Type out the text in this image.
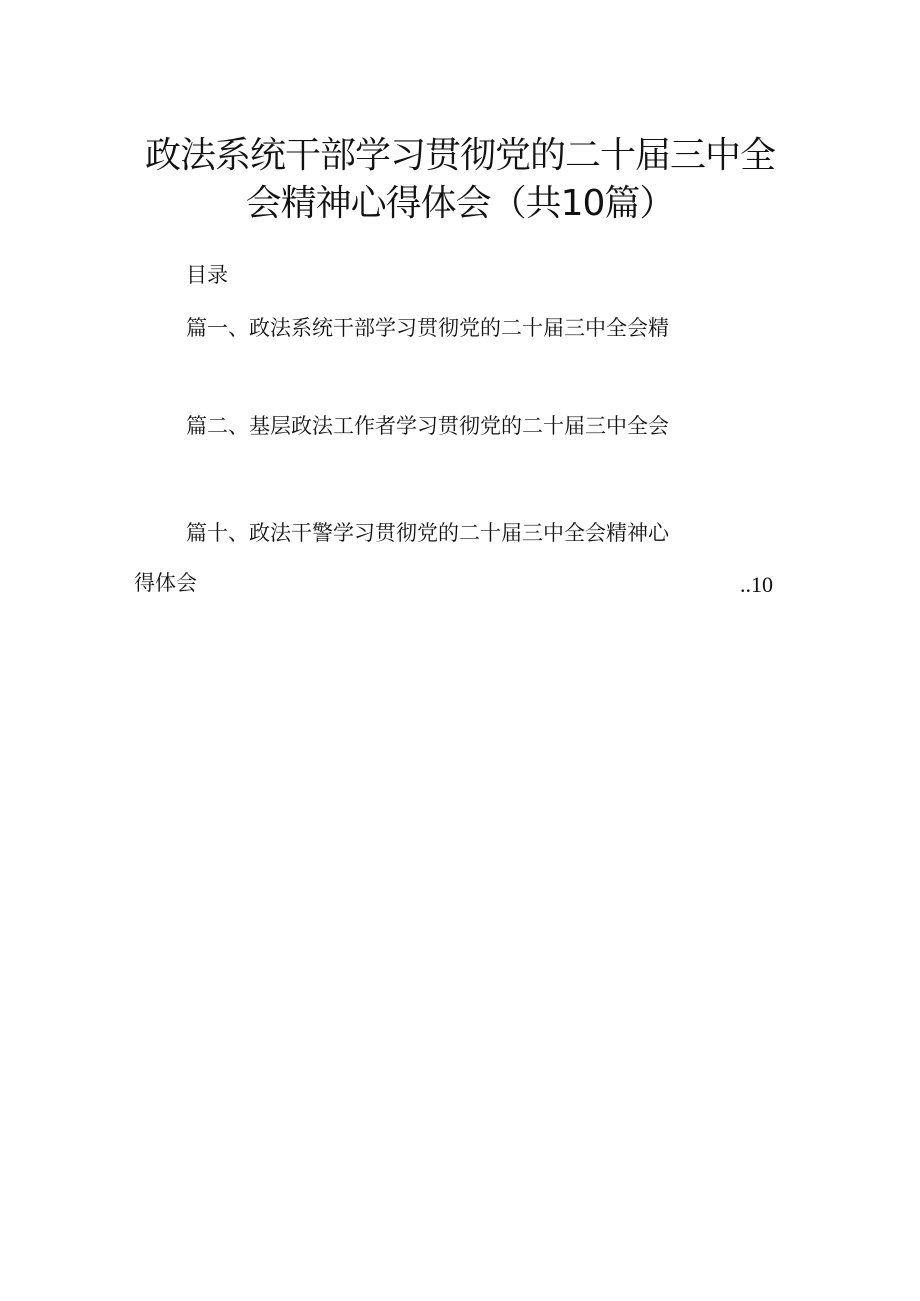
政法系统干部学习贯彻党的二十届三中全
会精神心得体会（共10篇）
目录
篇一、政法系统干部学习贯彻党的二十届三中全会精
篇二、基层政法工作者学习贯彻党的二十届三中全会
篇十、政法干警学习贯彻党的二十届三中全会精神心
得体会	..10
